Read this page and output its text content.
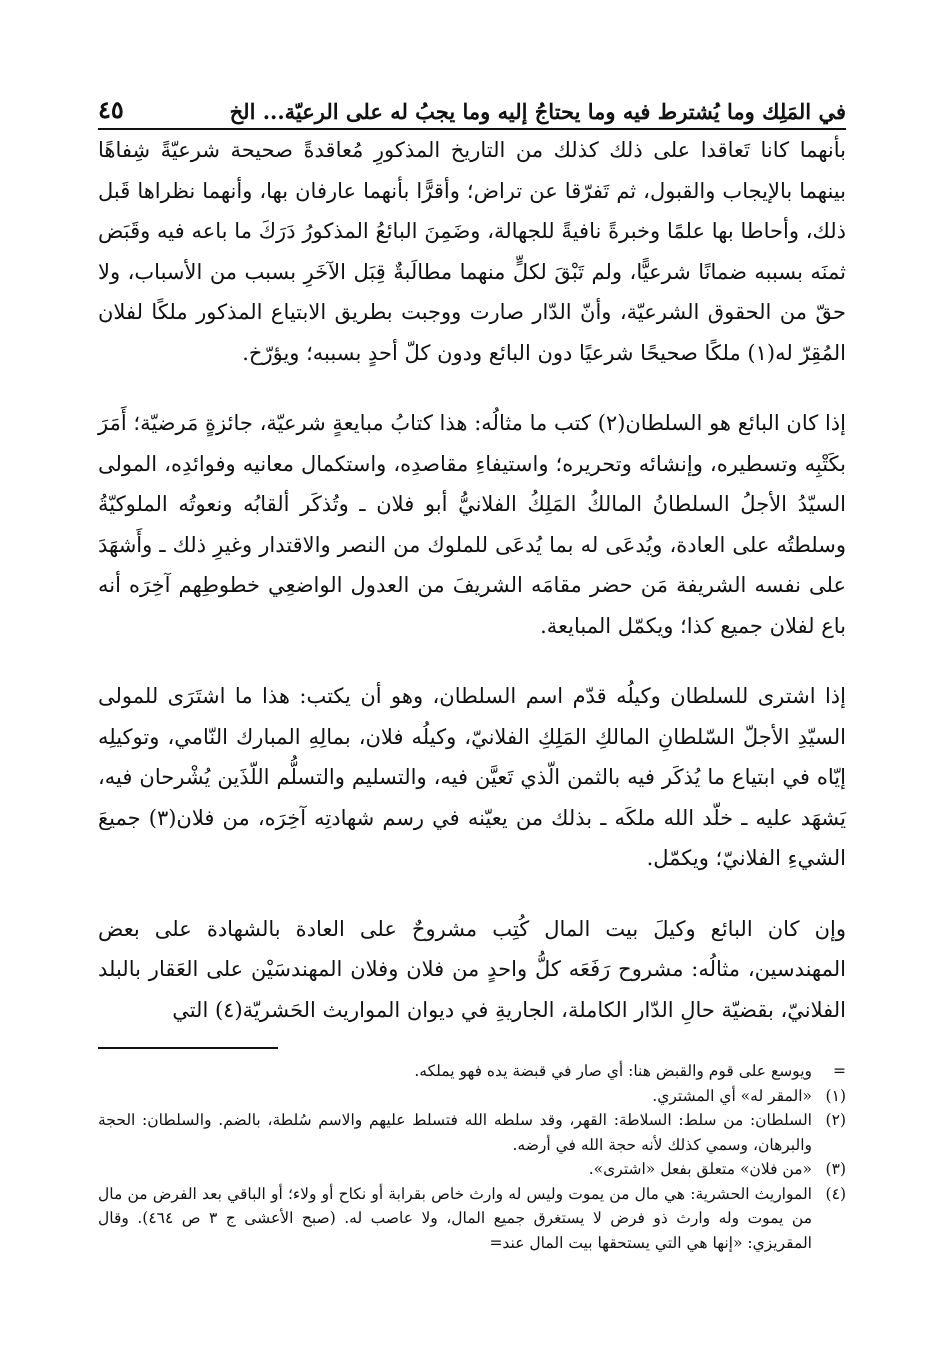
في المَلِك وما يُشترط فيه وما يحتاجُ إليه وما يجبُ له على الرعيّة... الخ
٤٥

بأنهما كانا تَعاقدا على ذلك كذلك من التاريخ المذكورِ مُعاقدةً صحيحة شرعيّةً شِفاهًا بينهما بالإيجاب والقبول، ثم تَفرّقا عن تراض؛ وأقرًّا بأنهما عارفان بها، وأنهما نظراها قَبل ذلك، وأحاطا بها علمًا وخبرةً نافيةً للجهالة، وضَمِنَ البائعُ المذكورُ دَرَكَ ما باعه فيه وقَبَض ثمنَه بسببه ضمانًا شرعيًّا، ولم تَبْقَ لكلٍّ منهما مطالَبةٌ قِبَل الآخَرِ بسبب من الأسباب، ولا حقّ من الحقوق الشرعيّة، وأنّ الدّار صارت ووجبت بطريق الابتياع المذكور ملكًا لفلان المُقِرّ له(١) ملكًا صحيحًا شرعيًا دون البائع ودون كلّ أحدٍ بسببه؛ ويؤرّخ.

إذا كان البائع هو السلطان(٢) كتب ما مثالُه: هذا كتابُ مبايعةٍ شرعيّة، جائزةٍ مَرضيّة؛ أَمَرَ بكَتْبِه وتسطيره، وإنشائه وتحريره؛ واستيفاءِ مقاصدِه، واستكمال معانيه وفوائدِه، المولى السيّدُ الأجلُ السلطانُ المالكُ المَلِكُ الفلانيُّ أبو فلان ـ وتُذكَر ألقابُه ونعوتُه الملوكيّةُ وسلطتُه على العادة، ويُدعَى له بما يُدعَى للملوك من النصر والاقتدار وغيرِ ذلك ـ وأَشهَدَ على نفسه الشريفة مَن حضر مقامَه الشريفَ من العدول الواضعِي خطوطِهم آخِرَه أنه باع لفلان جميع كذا؛ ويكمّل المبايعة.

إذا اشترى للسلطان وكيلُه قدّم اسم السلطان، وهو أن يكتب: هذا ما اشتَرَى للمولى السيّدِ الأجلّ السّلطانِ المالكِ المَلِكِ الفلانيّ، وكيلُه فلان، بمالِهِ المبارك النّامي، وتوكيلِه إيّاه في ابتياع ما يُذكَر فيه بالثمن الّذي تَعيَّن فيه، والتسليم والتسلُّم اللّذَين يُشْرحان فيه، يَشهَد عليه ـ خلّد الله ملكَه ـ بذلك من يعيّنه في رسم شهادتِه آخِرَه، من فلان(٣) جميعَ الشيءِ الفلانيّ؛ ويكمّل.

وإن كان البائع وكيلَ بيت المال كُتِب مشروحٌ على العادة بالشهادة على بعض المهندسين، مثالُه: مشروح رَفَعَه كلُّ واحدٍ من فلان وفلان المهندسَيْن على العَقار بالبلد الفلانيّ، بقضيّة حالِ الدّار الكاملة، الجاريةِ في ديوان المواريث الحَشريّة(٤) التي

=
ويوسع على قوم والقبض هنا: أي صار في قبضة يده فهو يملكه.
(١)
«المقر له» أي المشتري.
(٢)
السلطان: من سلط: السلاطة: القهر، وقد سلطه الله فتسلط عليهم والاسم سُلطة، بالضم. والسلطان: الحجة والبرهان، وسمي كذلك لأنه حجة الله في أرضه.
(٣)
«من فلان» متعلق بفعل «اشترى».
(٤)
المواريث الحشرية: هي مال من يموت وليس له وارث خاص بقرابة أو نكاح أو ولاء؛ أو الباقي بعد الفرض من مال من يموت وله وارث ذو فرض لا يستغرق جميع المال، ولا عاصب له. (صبح الأعشى ج ٣ ص ٤٦٤). وقال المقريزي: «إنها هي التي يستحقها بيت المال عند=
